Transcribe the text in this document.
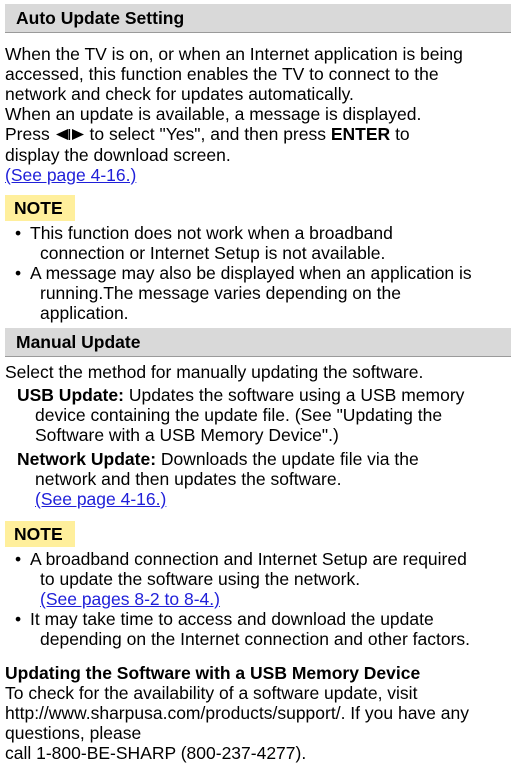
Auto Update Setting

When the TV is on, or when an Internet application is being

accessed, this function enables the TV to connect to the

network and check for updates automatically.

When an update is available, a message is displayed.

Press to select "Yes", and then press ENTER to

display the download screen.

(See page 4-16.)

NOTE
• This function does not work when a broadband
connection or Internet Setup is not available.
• A message may also be displayed when an application is
running.The message varies depending on the
application.
Manual Update

Select the method for manually updating the software.

USB Update: Updates the software using a USB memory
device containing the update file. (See "Updating the
Software with a USB Memory Device".)
Network Update: Downloads the update file via the
network and then updates the software.
(See page 4-16.)
NOTE
• A broadband connection and Internet Setup are required
to update the software using the network.
(See pages 8-2 to 8-4.)
• It may take time to access and download the update
depending on the Internet connection and other factors.

Updating the Software with a USB Memory Device

To check for the availability of a software update, visit

http://www.sharpusa.com/products/support/. If you have any

questions, please

call 1-800-BE-SHARP (800-237-4277).
